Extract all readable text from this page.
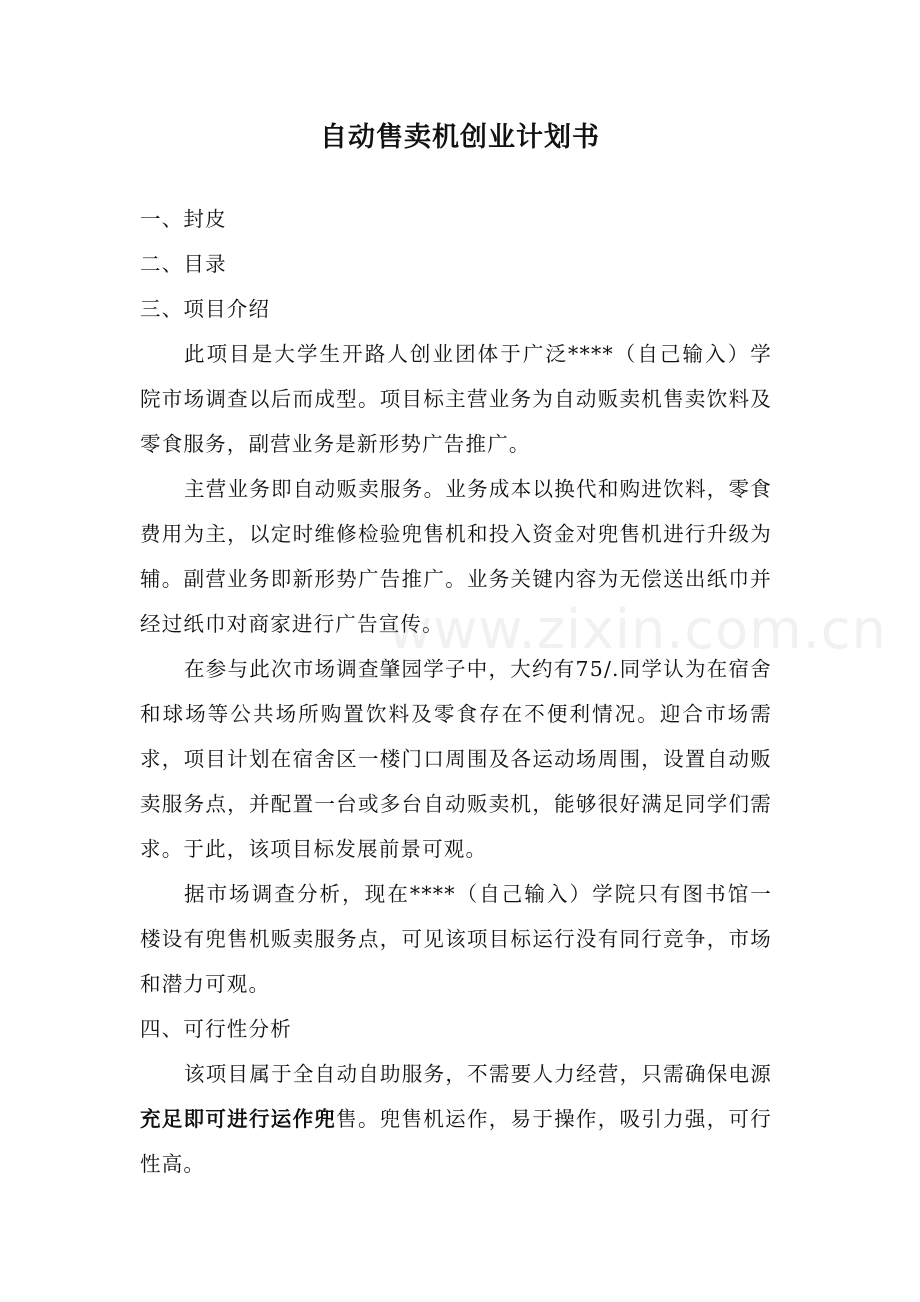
自动售卖机创业计划书

一、封皮

二、目录

三、项目介绍

此项目是大学生开路人创业团体于广泛****（自己输入）学院市场调查以后而成型。项目标主营业务为自动贩卖机售卖饮料及零食服务，副营业务是新形势广告推广。

主营业务即自动贩卖服务。业务成本以换代和购进饮料，零食费用为主，以定时维修检验兜售机和投入资金对兜售机进行升级为辅。副营业务即新形势广告推广。业务关键内容为无偿送出纸巾并经过纸巾对商家进行广告宣传。

在参与此次市场调查肇园学子中，大约有75/.同学认为在宿舍和球场等公共场所购置饮料及零食存在不便利情况。迎合市场需求，项目计划在宿舍区一楼门口周围及各运动场周围，设置自动贩卖服务点，并配置一台或多台自动贩卖机，能够很好满足同学们需求。于此，该项目标发展前景可观。

据市场调查分析，现在****（自己输入）学院只有图书馆一楼设有兜售机贩卖服务点，可见该项目标运行没有同行竞争，市场和潜力可观。

四、可行性分析

该项目属于全自动自助服务，不需要人力经营，只需确保电源充足即可进行运作兜售。兜售机运作，易于操作，吸引力强，可行性高。

www.zixin.com.cn
